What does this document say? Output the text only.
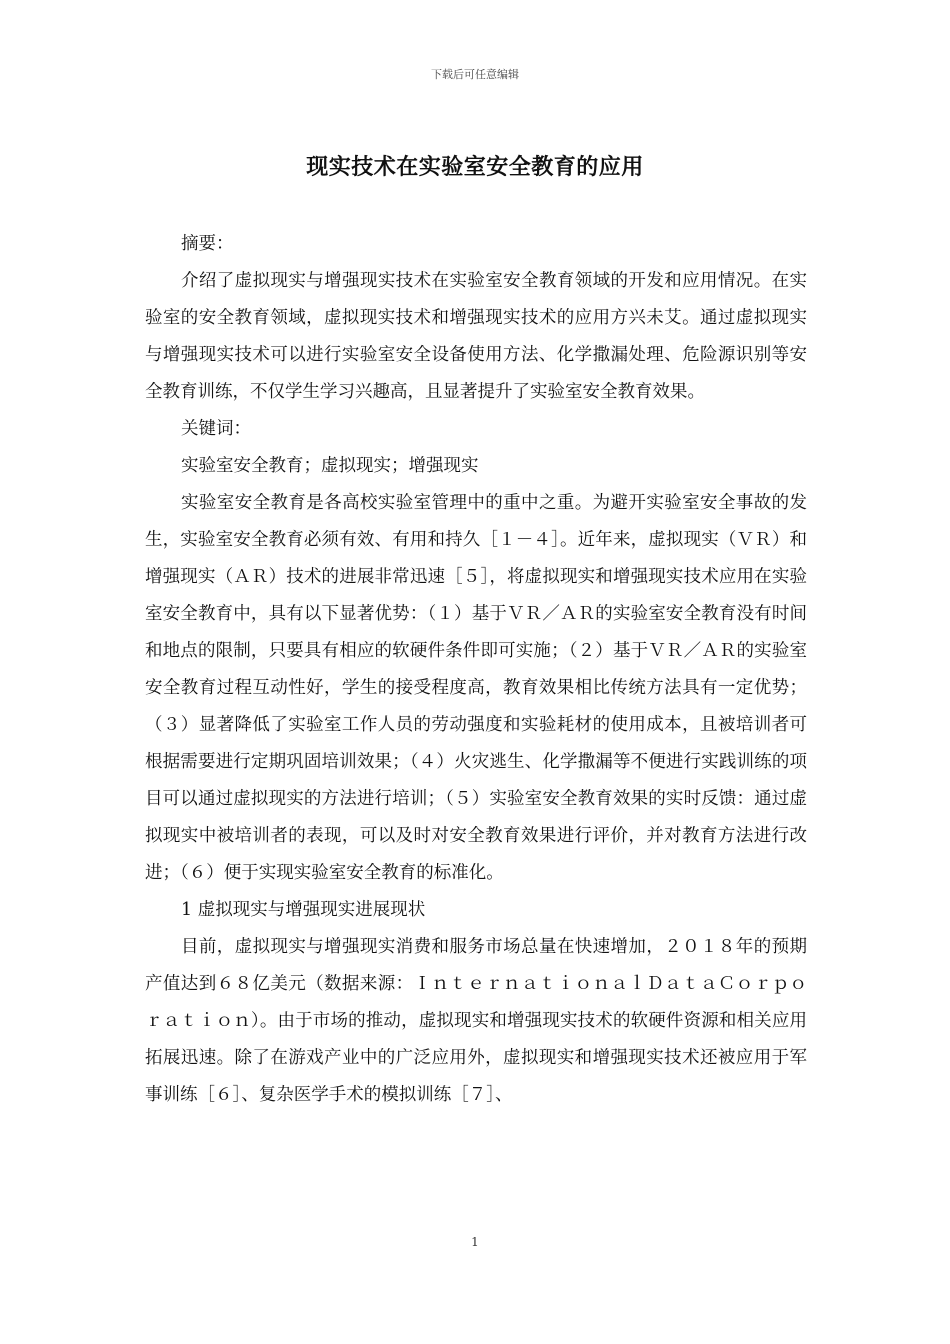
下载后可任意编辑
现实技术在实验室安全教育的应用

摘要：

介绍了虚拟现实与增强现实技术在实验室安全教育领域的开发和应用情况。在实验室的安全教育领域，虚拟现实技术和增强现实技术的应用方兴未艾。通过虚拟现实与增强现实技术可以进行实验室安全设备使用方法、化学撒漏处理、危险源识别等安全教育训练，不仅学生学习兴趣高，且显著提升了实验室安全教育效果。

关键词：

实验室安全教育；虚拟现实；增强现实

实验室安全教育是各高校实验室管理中的重中之重。为避开实验室安全事故的发生，实验室安全教育必须有效、有用和持久［１－４］。近年来，虚拟现实（ＶＲ）和增强现实（ＡＲ）技术的进展非常迅速［５］，将虚拟现实和增强现实技术应用在实验室安全教育中，具有以下显著优势：（１）基于ＶＲ／ＡＲ的实验室安全教育没有时间和地点的限制，只要具有相应的软硬件条件即可实施；（２）基于ＶＲ／ＡＲ的实验室安全教育过程互动性好，学生的接受程度高，教育效果相比传统方法具有一定优势；（３）显著降低了实验室工作人员的劳动强度和实验耗材的使用成本，且被培训者可根据需要进行定期巩固培训效果；（４）火灾逃生、化学撒漏等不便进行实践训练的项目可以通过虚拟现实的方法进行培训；（５）实验室安全教育效果的实时反馈：通过虚拟现实中被培训者的表现，可以及时对安全教育效果进行评价，并对教育方法进行改进；（６）便于实现实验室安全教育的标准化。

1 虚拟现实与增强现实进展现状

目前，虚拟现实与增强现实消费和服务市场总量在快速增加，２０１８年的预期产值达到６８亿美元（数据来源：ＩｎｔｅｒｎａｔｉｏｎａｌＤａｔａＣｏｒｐｏｒａｔｉｏｎ）。由于市场的推动，虚拟现实和增强现实技术的软硬件资源和相关应用拓展迅速。除了在游戏产业中的广泛应用外，虚拟现实和增强现实技术还被应用于军事训练［６］、复杂医学手术的模拟训练［７］、

1
